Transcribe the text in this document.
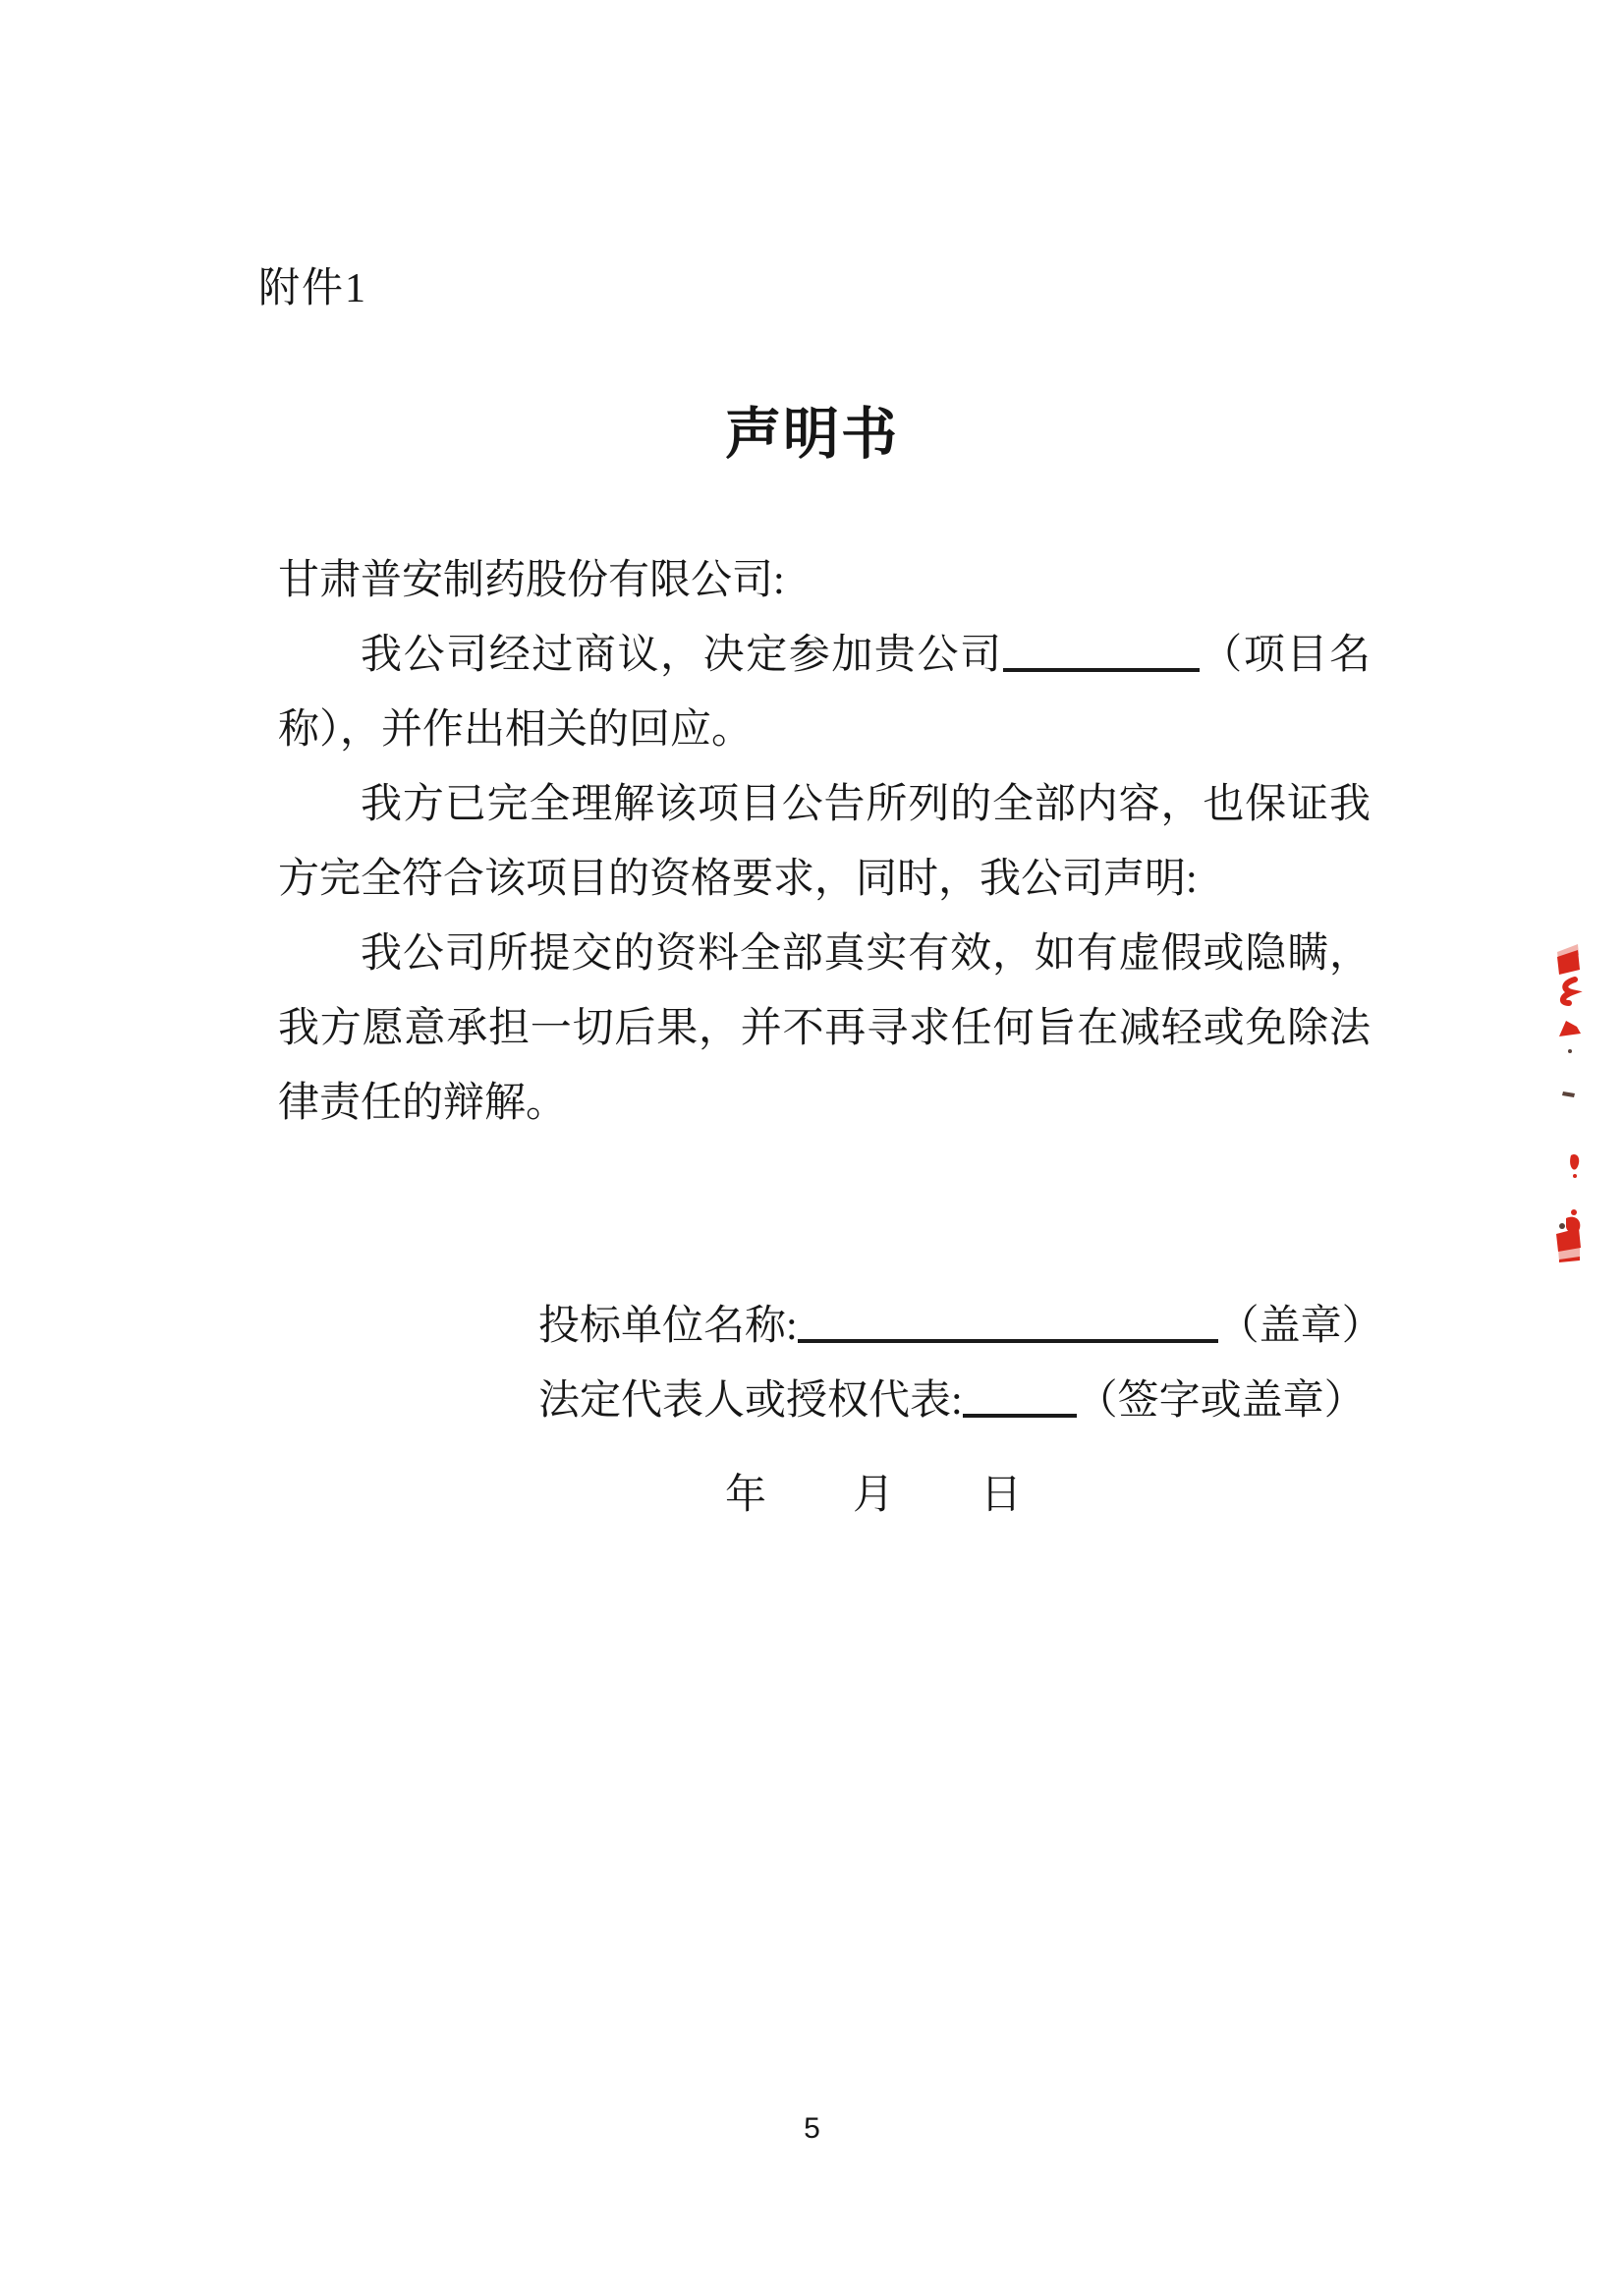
附件1
声明书

甘肃普安制药股份有限公司:

我公司经过商议，决定参加贵公司	（项目名称），并作出相关的回应。

我方已完全理解该项目公告所列的全部内容，也保证我方完全符合该项目的资格要求，同时，我公司声明:

我公司所提交的资料全部真实有效，如有虚假或隐瞒，我方愿意承担一切后果，并不再寻求任何旨在减轻或免除法律责任的辩解。

投标单位名称:	（盖章）
法定代表人或授权代表:	（签字或盖章）
年 月 日
5
